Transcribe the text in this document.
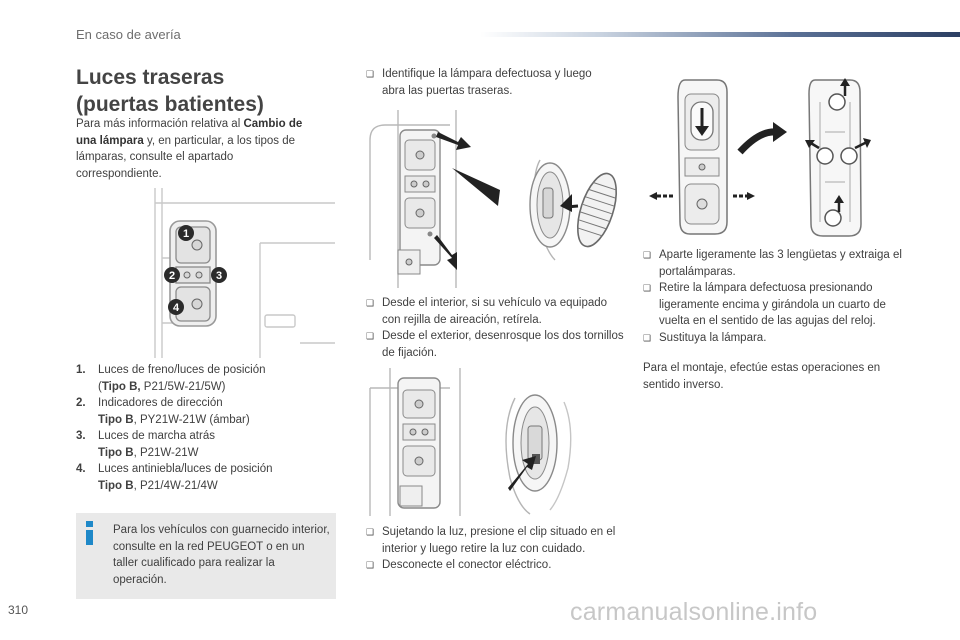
En caso de avería
Luces traseras
(puertas batientes)
Para más información relativa al Cambio de una lámpara y, en particular, a los tipos de lámparas, consulte el apartado correspondiente.
1
2	3
4
1. Luces de freno/luces de posición
(Tipo B, P21/5W-21/5W)
2. Indicadores de dirección
Tipo B, PY21W-21W (ámbar)
3. Luces de marcha atrás
Tipo B, P21W-21W
4. Luces antiniebla/luces de posición
Tipo B, P21/4W-21/4W
Para los vehículos con guarnecido interior, consulte en la red PEUGEOT o en un taller cualificado para realizar la operación.
❑ Identifique la lámpara defectuosa y luego abra las puertas traseras.
❑ Desde el interior, si su vehículo va equipado con rejilla de aireación, retírela.
❑ Desde el exterior, desenrosque los dos tornillos de fijación.
❑ Sujetando la luz, presione el clip situado en el interior y luego retire la luz con cuidado.
❑ Desconecte el conector eléctrico.
❑ Aparte ligeramente las 3 lengüetas y extraiga el portalámparas.
❑ Retire la lámpara defectuosa presionando ligeramente encima y girándola un cuarto de vuelta en el sentido de las agujas del reloj.
❑ Sustituya la lámpara.
Para el montaje, efectúe estas operaciones en sentido inverso.
310	carmanualsonline.info
